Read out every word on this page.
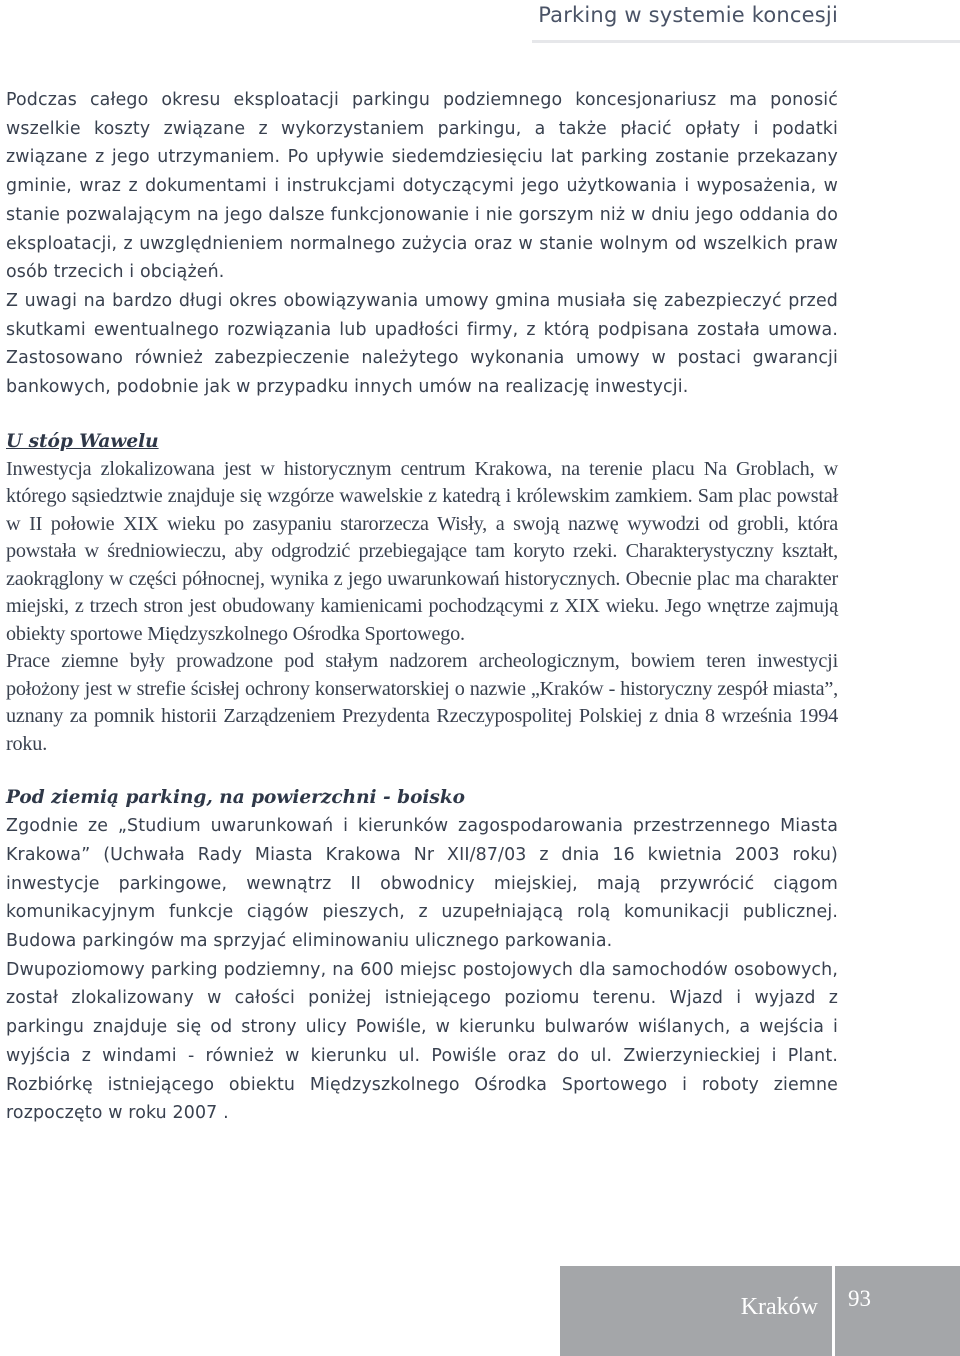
Parking w systemie koncesji

Podczas całego okresu eksploatacji parkingu podziemnego koncesjonariusz ma ponosić wszelkie koszty związane z wykorzystaniem parkingu, a także płacić opłaty i podatki związane z jego utrzymaniem. Po upływie siedemdziesięciu lat parking zostanie przekazany gminie, wraz z dokumentami i instrukcjami dotyczącymi jego użytkowania i wyposażenia, w stanie pozwalającym na jego dalsze funkcjonowanie i nie gorszym niż w dniu jego oddania do eksploatacji, z uwzględnieniem normalnego zużycia oraz w stanie wolnym od wszelkich praw osób trzecich i obciążeń.

Z uwagi na bardzo długi okres obowiązywania umowy gmina musiała się zabezpieczyć przed skutkami ewentualnego rozwiązania lub upadłości firmy, z którą podpisana została umowa. Zastosowano również zabezpieczenie należytego wykonania umowy w postaci gwarancji bankowych, podobnie jak w przypadku innych umów na realizację inwestycji.

U stóp Wawelu

Inwestycja zlokalizowana jest w historycznym centrum Krakowa, na terenie placu Na Groblach, w którego sąsiedztwie znajduje się wzgórze wawelskie z katedrą i królewskim zamkiem. Sam plac powstał w II połowie XIX wieku po zasypaniu starorzecza Wisły, a swoją nazwę wywodzi od grobli, która powstała w średniowieczu, aby odgrodzić przebiegające tam koryto rzeki. Charakterystyczny kształt, zaokrąglony w części północnej, wynika z jego uwarunkowań historycznych. Obecnie plac ma charakter miejski, z trzech stron jest obudowany kamienicami pochodzącymi z XIX wieku. Jego wnętrze zajmują obiekty sportowe Międzyszkolnego Ośrodka Sportowego.

Prace ziemne były prowadzone pod stałym nadzorem archeologicznym, bowiem teren inwestycji położony jest w strefie ścisłej ochrony konserwatorskiej o nazwie „Kraków - historyczny zespół miasta”, uznany za pomnik historii Zarządzeniem Prezydenta Rzeczypospolitej Polskiej z dnia 8 września 1994 roku.

Pod ziemią parking, na powierzchni - boisko

Zgodnie ze „Studium uwarunkowań i kierunków zagospodarowania przestrzennego Miasta Krakowa” (Uchwała Rady Miasta Krakowa Nr XII/87/03 z dnia 16 kwietnia 2003 roku) inwestycje parkingowe, wewnątrz II obwodnicy miejskiej, mają przywrócić ciągom komunikacyjnym funkcje ciągów pieszych, z uzupełniającą rolą komunikacji publicznej. Budowa parkingów ma sprzyjać eliminowaniu ulicznego parkowania.

Dwupoziomowy parking podziemny, na 600 miejsc postojowych dla samochodów osobowych, został zlokalizowany w całości poniżej istniejącego poziomu terenu. Wjazd i wyjazd z parkingu znajduje się od strony ulicy Powiśle, w kierunku bulwarów wiślanych, a wejścia i wyjścia z windami - również w kierunku ul. Powiśle oraz do ul. Zwierzynieckiej i Plant. Rozbiórkę istniejącego obiektu Międzyszkolnego Ośrodka Sportowego i roboty ziemne rozpoczęto w roku 2007 .

Kraków 93
